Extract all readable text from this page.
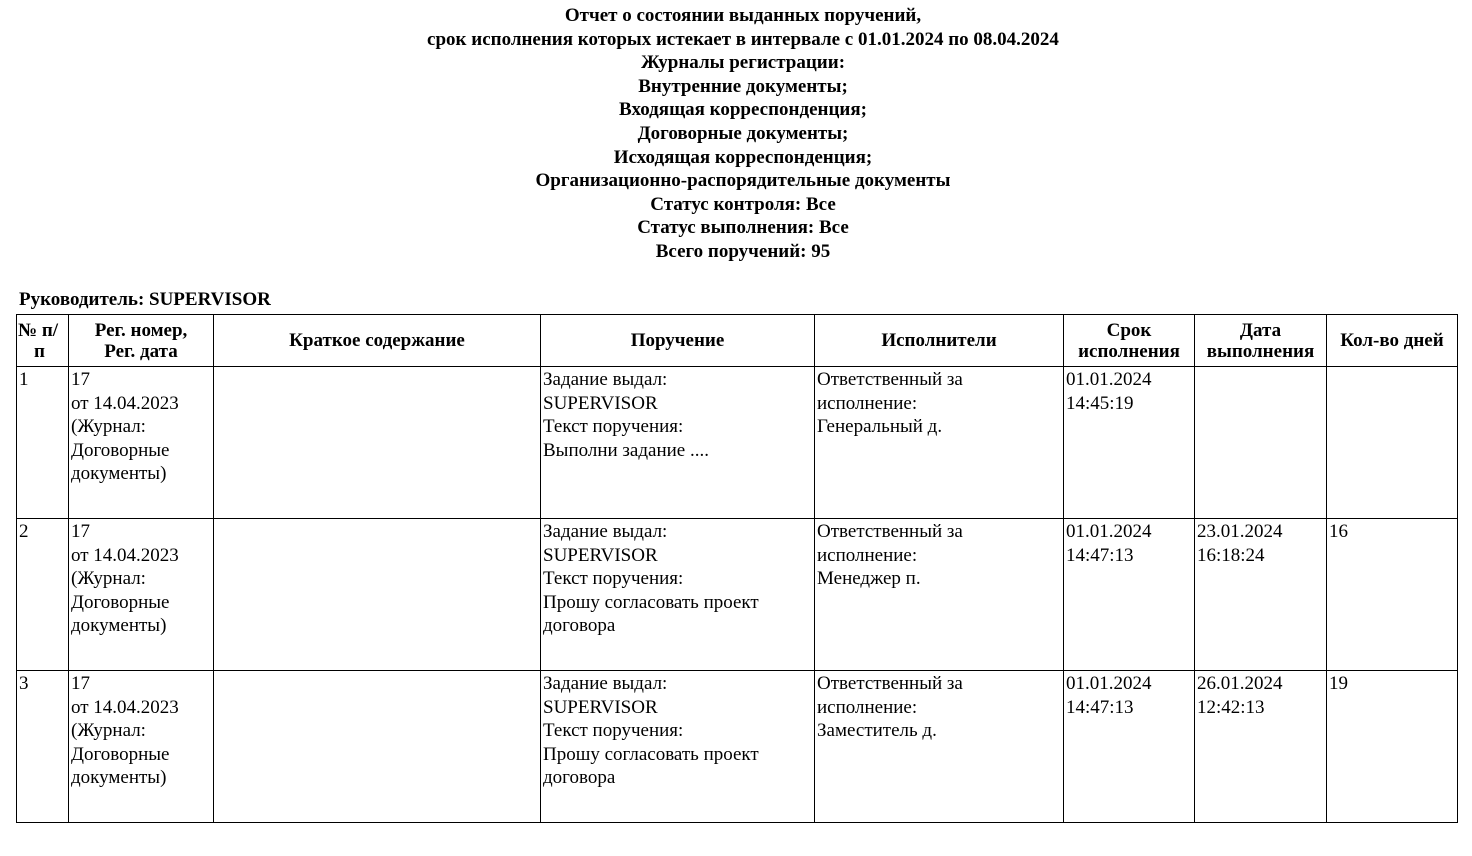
Отчет о состоянии выданных поручений,
срок исполнения которых истекает в интервале с 01.01.2024 по 08.04.2024
Журналы регистрации:
Внутренние документы;
Входящая корреспонденция;
Договорные документы;
Исходящая корреспонденция;
Организационно-распорядительные документы
Статус контроля: Все
Статус выполнения: Все
Всего поручений: 95
Руководитель: SUPERVISOR
№ п/
п	Рег. номер,
Рег. дата	Краткое содержание	Поручение	Исполнители	Срок
исполнения	Дата
выполнения	Кол-во дней

1	17
от 14.04.2023
(Журнал:
Договорные
документы)		Задание выдал:
SUPERVISOR
Текст поручения:
Выполни задание ....	Ответственный за
исполнение:
Генеральный д.	01.01.2024
14:45:19		

2	17
от 14.04.2023
(Журнал:
Договорные
документы)		Задание выдал:
SUPERVISOR
Текст поручения:
Прошу согласовать проект
договора	Ответственный за
исполнение:
Менеджер п.	01.01.2024
14:47:13	23.01.2024
16:18:24	16
3	17
от 14.04.2023
(Журнал:
Договорные
документы)		Задание выдал:
SUPERVISOR
Текст поручения:
Прошу согласовать проект
договора	Ответственный за
исполнение:
Заместитель д.	01.01.2024
14:47:13	26.01.2024
12:42:13	19
